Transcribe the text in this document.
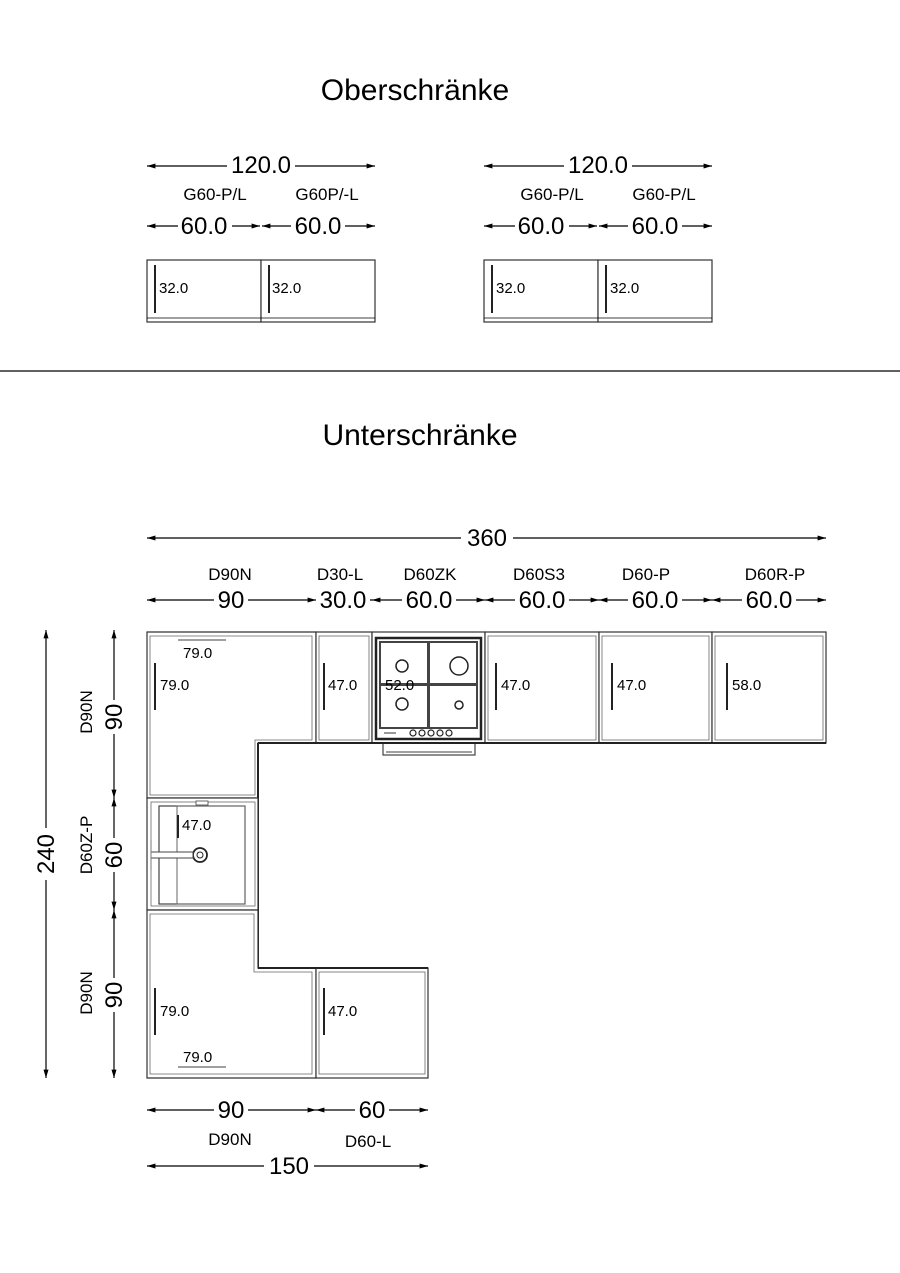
Oberschränke
120.0
G60-P/L	G60P/-L
60.0	60.0
32.0	32.0
120.0
G60-P/L	G60-P/L
60.0	60.0
32.0	32.0
Unterschränke
360
D90N	D30-L D60ZK	D60S3	D60-P	D60R-P
90	30.0 60.0	60.0	60.0	60.0
240
90
60
90
D90N
D60Z-P
D90N
79.0
79.0	47.0 52.0	47.0	47.0	58.0
47.0
79.0
79.0
47.0
90	60
D90N	D60-L
150
